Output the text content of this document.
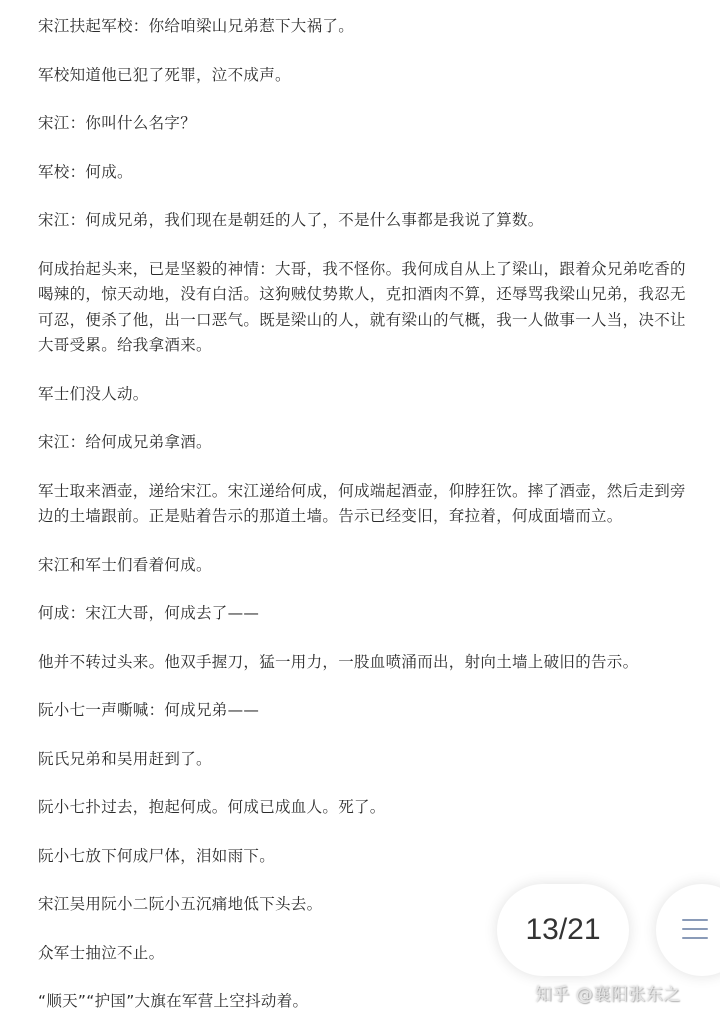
宋江扶起军校：你给咱梁山兄弟惹下大祸了。

军校知道他已犯了死罪，泣不成声。

宋江：你叫什么名字？

军校：何成。

宋江：何成兄弟，我们现在是朝廷的人了，不是什么事都是我说了算数。

何成抬起头来，已是坚毅的神情：大哥，我不怪你。我何成自从上了梁山，跟着众兄弟吃香的喝辣的，惊天动地，没有白活。这狗贼仗势欺人，克扣酒肉不算，还辱骂我梁山兄弟，我忍无可忍，便杀了他，出一口恶气。既是梁山的人，就有梁山的气概，我一人做事一人当，决不让大哥受累。给我拿酒来。

军士们没人动。

宋江：给何成兄弟拿酒。

军士取来酒壶，递给宋江。宋江递给何成，何成端起酒壶，仰脖狂饮。摔了酒壶，然后走到旁边的土墙跟前。正是贴着告示的那道土墙。告示已经变旧，耷拉着，何成面墙而立。

宋江和军士们看着何成。

何成：宋江大哥，何成去了——

他并不转过头来。他双手握刀，猛一用力，一股血喷涌而出，射向土墙上破旧的告示。

阮小七一声嘶喊：何成兄弟——

阮氏兄弟和吴用赶到了。

阮小七扑过去，抱起何成。何成已成血人。死了。

阮小七放下何成尸体，泪如雨下。

宋江吴用阮小二阮小五沉痛地低下头去。

众军士抽泣不止。

“顺天”“护国”大旗在军营上空抖动着。

13/21
知乎 @襄阳张东之
